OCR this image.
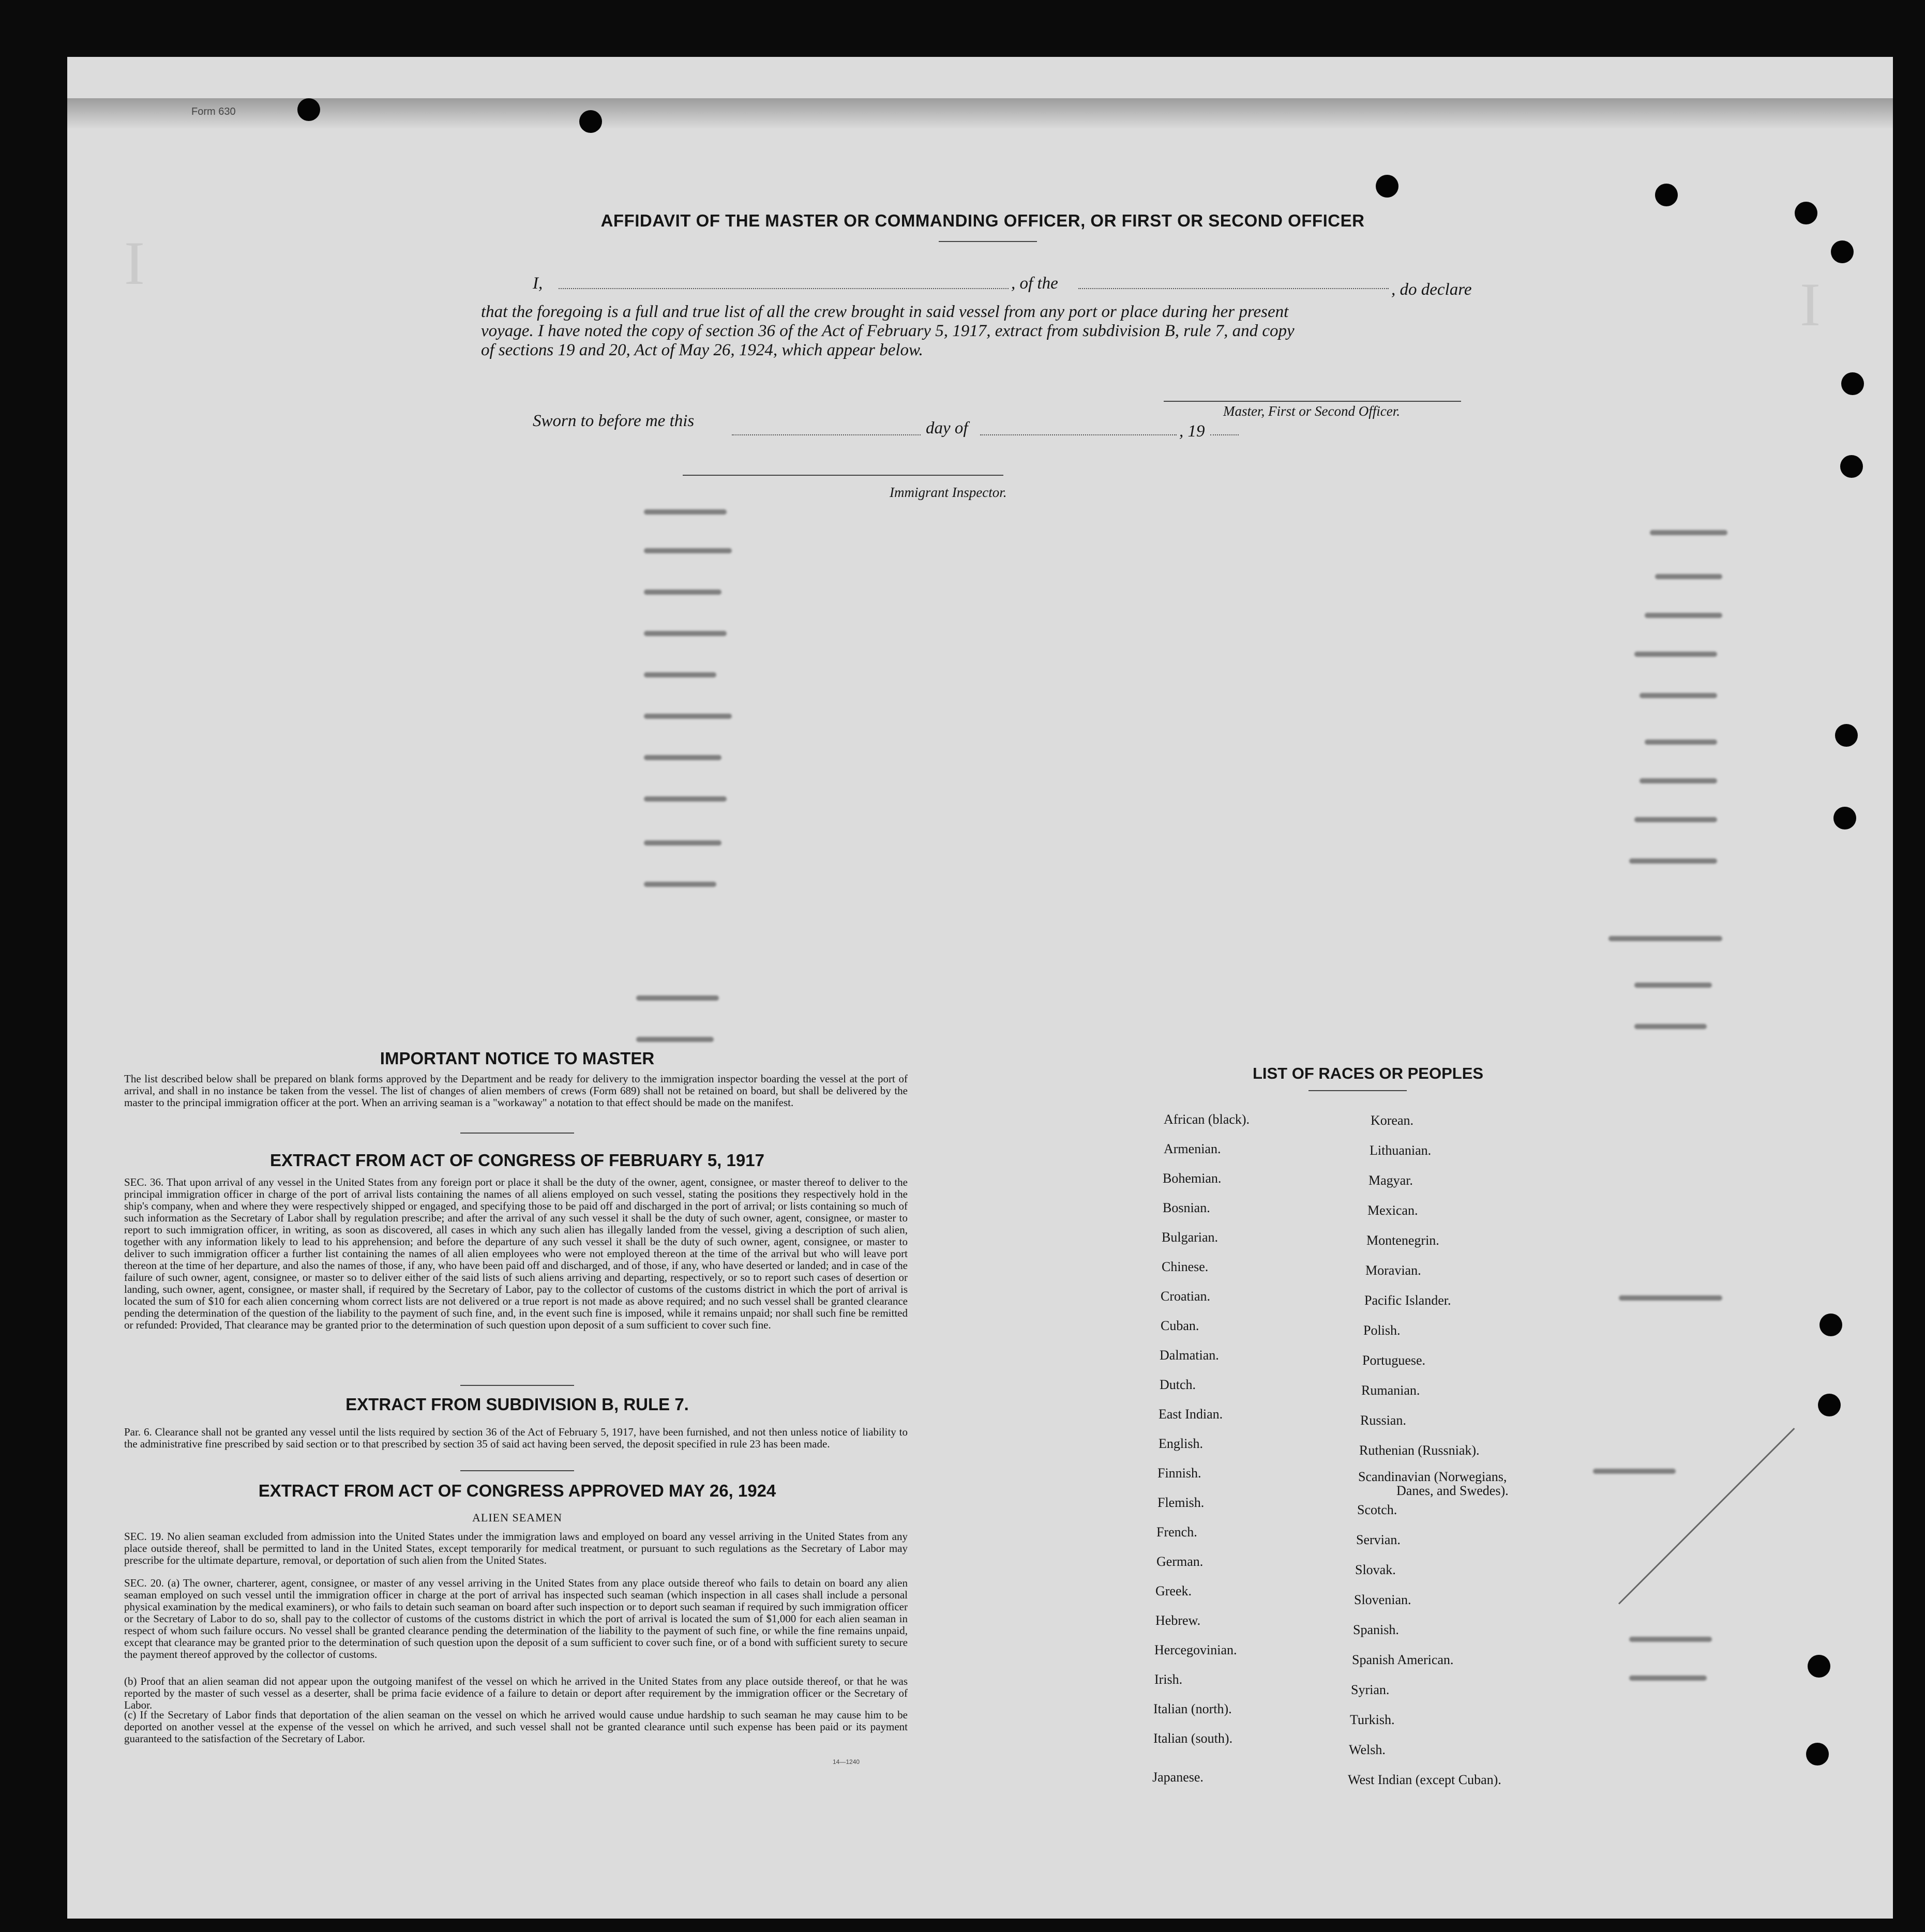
Form 630
I
I
AFFIDAVIT OF THE MASTER OR COMMANDING OFFICER, OR FIRST OR SECOND OFFICER
I,	, of the	, do declare
that the foregoing is a full and true list of all the crew brought in said vessel from any port or place during her present
voyage. I have noted the copy of section 36 of the Act of February 5, 1917, extract from subdivision B, rule 7, and copy
of sections 19 and 20, Act of May 26, 1924, which appear below.
Master, First or Second Officer.
Sworn to before me this	day of	, 19
Immigrant Inspector.
IMPORTANT NOTICE TO MASTER
The list described below shall be prepared on blank forms approved by the Department and be ready for delivery to the immigration inspector boarding the vessel at the port of arrival, and shall in no instance be taken from the vessel. The list of changes of alien members of crews (Form 689) shall not be retained on board, but shall be delivered by the master to the principal immigration officer at the port. When an arriving seaman is a "workaway" a notation to that effect should be made on the manifest.
EXTRACT FROM ACT OF CONGRESS OF FEBRUARY 5, 1917
SEC. 36. That upon arrival of any vessel in the United States from any foreign port or place it shall be the duty of the owner, agent, consignee, or master thereof to deliver to the principal immigration officer in charge of the port of arrival lists containing the names of all aliens employed on such vessel, stating the positions they respectively hold in the ship's company, when and where they were respectively shipped or engaged, and specifying those to be paid off and discharged in the port of arrival; or lists containing so much of such information as the Secretary of Labor shall by regulation prescribe; and after the arrival of any such vessel it shall be the duty of such owner, agent, consignee, or master to report to such immigration officer, in writing, as soon as discovered, all cases in which any such alien has illegally landed from the vessel, giving a description of such alien, together with any information likely to lead to his apprehension; and before the departure of any such vessel it shall be the duty of such owner, agent, consignee, or master to deliver to such immigration officer a further list containing the names of all alien employees who were not employed thereon at the time of the arrival but who will leave port thereon at the time of her departure, and also the names of those, if any, who have been paid off and discharged, and of those, if any, who have deserted or landed; and in case of the failure of such owner, agent, consignee, or master so to deliver either of the said lists of such aliens arriving and departing, respectively, or so to report such cases of desertion or landing, such owner, agent, consignee, or master shall, if required by the Secretary of Labor, pay to the collector of customs of the customs district in which the port of arrival is located the sum of $10 for each alien concerning whom correct lists are not delivered or a true report is not made as above required; and no such vessel shall be granted clearance pending the determination of the question of the liability to the payment of such fine, and, in the event such fine is imposed, while it remains unpaid; nor shall such fine be remitted or refunded: Provided, That clearance may be granted prior to the determination of such question upon deposit of a sum sufficient to cover such fine.
EXTRACT FROM SUBDIVISION B, RULE 7.
Par. 6. Clearance shall not be granted any vessel until the lists required by section 36 of the Act of February 5, 1917, have been furnished, and not then unless notice of liability to the administrative fine prescribed by said section or to that prescribed by section 35 of said act having been served, the deposit specified in rule 23 has been made.
EXTRACT FROM ACT OF CONGRESS APPROVED MAY 26, 1924
ALIEN SEAMEN
SEC. 19. No alien seaman excluded from admission into the United States under the immigration laws and employed on board any vessel arriving in the United States from any place outside thereof, shall be permitted to land in the United States, except temporarily for medical treatment, or pursuant to such regulations as the Secretary of Labor may prescribe for the ultimate departure, removal, or deportation of such alien from the United States.
SEC. 20. (a) The owner, charterer, agent, consignee, or master of any vessel arriving in the United States from any place outside thereof who fails to detain on board any alien seaman employed on such vessel until the immigration officer in charge at the port of arrival has inspected such seaman (which inspection in all cases shall include a personal physical examination by the medical examiners), or who fails to detain such seaman on board after such inspection or to deport such seaman if required by such immigration officer or the Secretary of Labor to do so, shall pay to the collector of customs of the customs district in which the port of arrival is located the sum of $1,000 for each alien seaman in respect of whom such failure occurs. No vessel shall be granted clearance pending the determination of the liability to the payment of such fine, or while the fine remains unpaid, except that clearance may be granted prior to the determination of such question upon the deposit of a sum sufficient to cover such fine, or of a bond with sufficient surety to secure the payment thereof approved by the collector of customs.
(b) Proof that an alien seaman did not appear upon the outgoing manifest of the vessel on which he arrived in the United States from any place outside thereof, or that he was reported by the master of such vessel as a deserter, shall be prima facie evidence of a failure to detain or deport after requirement by the immigration officer or the Secretary of Labor.
(c) If the Secretary of Labor finds that deportation of the alien seaman on the vessel on which he arrived would cause undue hardship to such seaman he may cause him to be deported on another vessel at the expense of the vessel on which he arrived, and such vessel shall not be granted clearance until such expense has been paid or its payment guaranteed to the satisfaction of the Secretary of Labor.
14—1240
LIST OF RACES OR PEOPLES
African (black).
Armenian.
Bohemian.
Bosnian.
Bulgarian.
Chinese.
Croatian.
Cuban.
Dalmatian.
Dutch.
East Indian.
English.
Finnish.
Flemish.
French.
German.
Greek.
Hebrew.
Hercegovinian.
Irish.
Italian (north).
Italian (south).
Japanese.
Korean.
Lithuanian.
Magyar.
Mexican.
Montenegrin.
Moravian.
Pacific Islander.
Polish.
Portuguese.
Rumanian.
Russian.
Ruthenian (Russniak).
Scandinavian (Norwegians,
Danes, and Swedes).
Scotch.
Servian.
Slovak.
Slovenian.
Spanish.
Spanish American.
Syrian.
Turkish.
Welsh.
West Indian (except Cuban).
